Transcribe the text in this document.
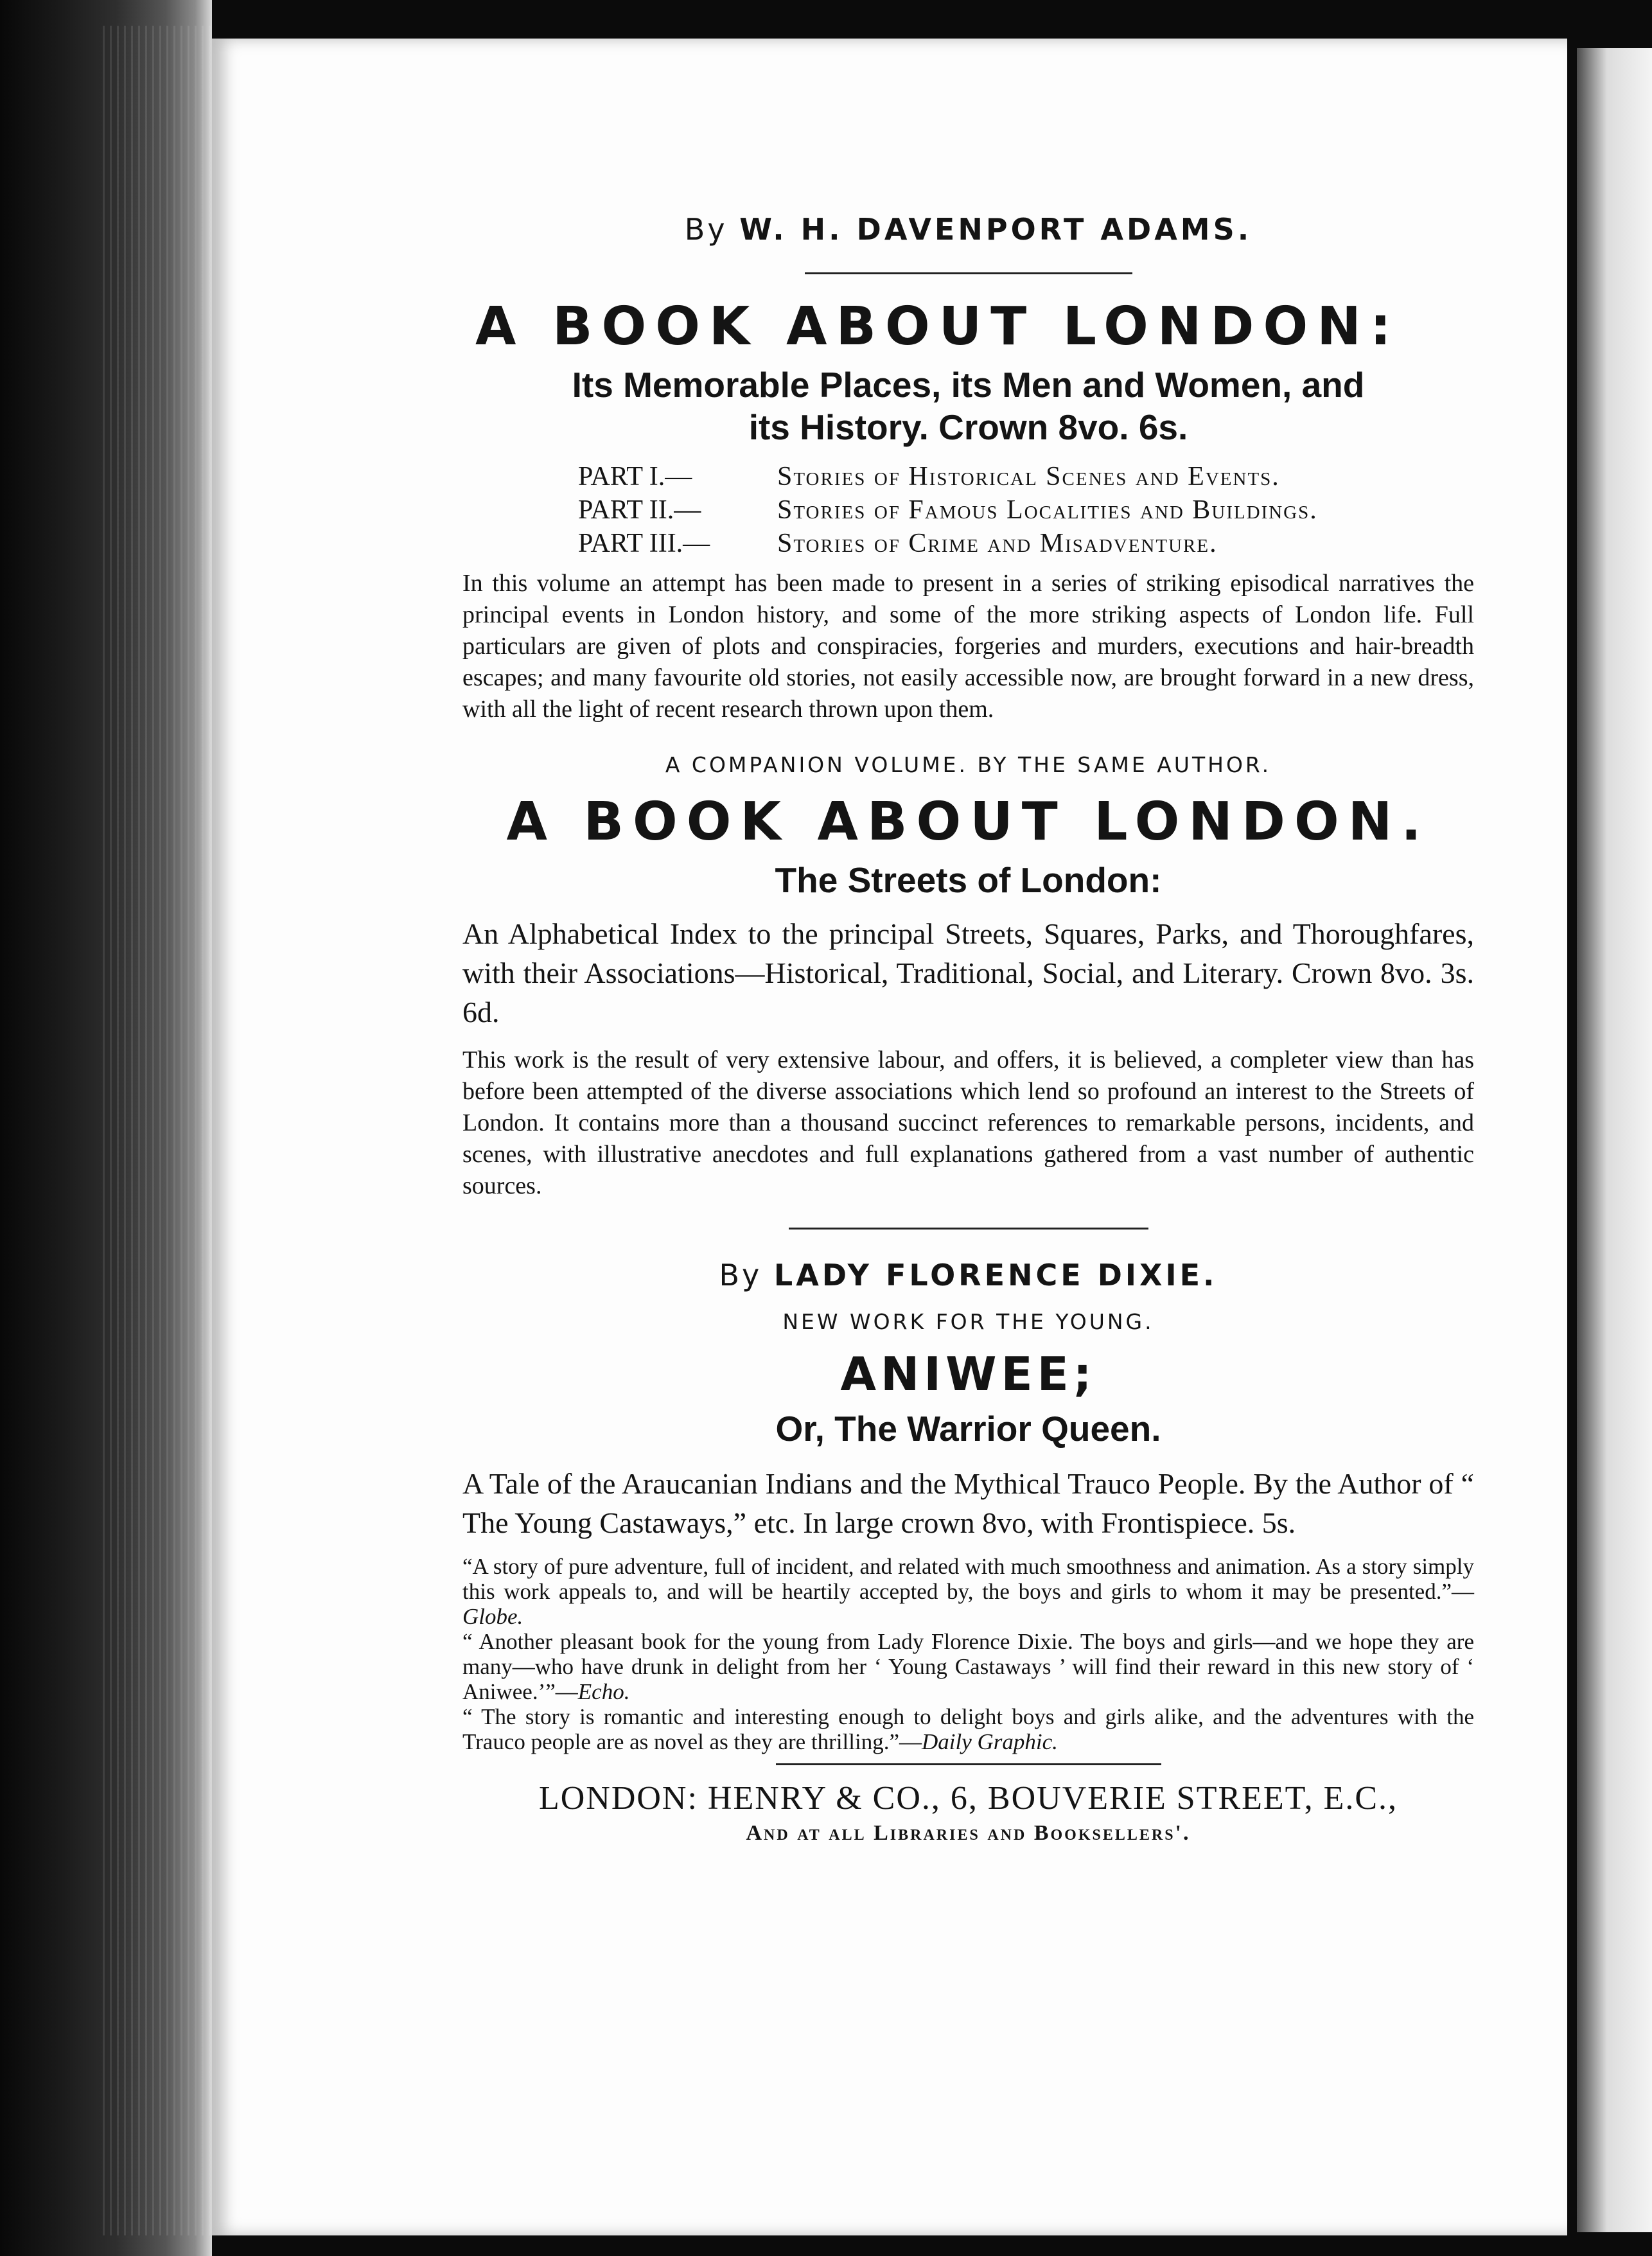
By W. H. DAVENPORT ADAMS.

A BOOK ABOUT LONDON:

Its Memorable Places, its Men and Women, and

its History. Crown 8vo. 6s.

PART I.—	Stories of Historical Scenes and Events.
PART II.—	Stories of Famous Localities and Buildings.
PART III.— Stories of Crime and Misadventure.

In this volume an attempt has been made to present in a series of striking episodical narratives the principal events in London history, and some of the more striking aspects of London life. Full particulars are given of plots and conspiracies, forgeries and murders, executions and hair-breadth escapes; and many favourite old stories, not easily accessible now, are brought forward in a new dress, with all the light of recent research thrown upon them.

A COMPANION VOLUME. BY THE SAME AUTHOR.

A BOOK ABOUT LONDON.

The Streets of London:

An Alphabetical Index to the principal Streets, Squares, Parks, and Thoroughfares, with their Associations—Historical, Traditional, Social, and Literary. Crown 8vo. 3s. 6d.

This work is the result of very extensive labour, and offers, it is believed, a completer view than has before been attempted of the diverse associations which lend so profound an interest to the Streets of London. It contains more than a thousand succinct references to remarkable persons, incidents, and scenes, with illustrative anecdotes and full explanations gathered from a vast number of authentic sources.

By LADY FLORENCE DIXIE.

NEW WORK FOR THE YOUNG.

ANIWEE;

Or, The Warrior Queen.

A Tale of the Araucanian Indians and the Mythical Trauco People. By the Author of “ The Young Castaways,” etc. In large crown 8vo, with Frontispiece. 5s.

“A story of pure adventure, full of incident, and related with much smoothness and animation. As a story simply this work appeals to, and will be heartily accepted by, the boys and girls to whom it may be presented.”—Globe.

“ Another pleasant book for the young from Lady Florence Dixie. The boys and girls—and we hope they are many—who have drunk in delight from her ‘ Young Castaways ’ will find their reward in this new story of ‘ Aniwee.’”—Echo.

“ The story is romantic and interesting enough to delight boys and girls alike, and the adventures with the Trauco people are as novel as they are thrilling.”—Daily Graphic.

LONDON: HENRY & CO., 6, BOUVERIE STREET, E.C.,

And at all Libraries and Booksellers'.
